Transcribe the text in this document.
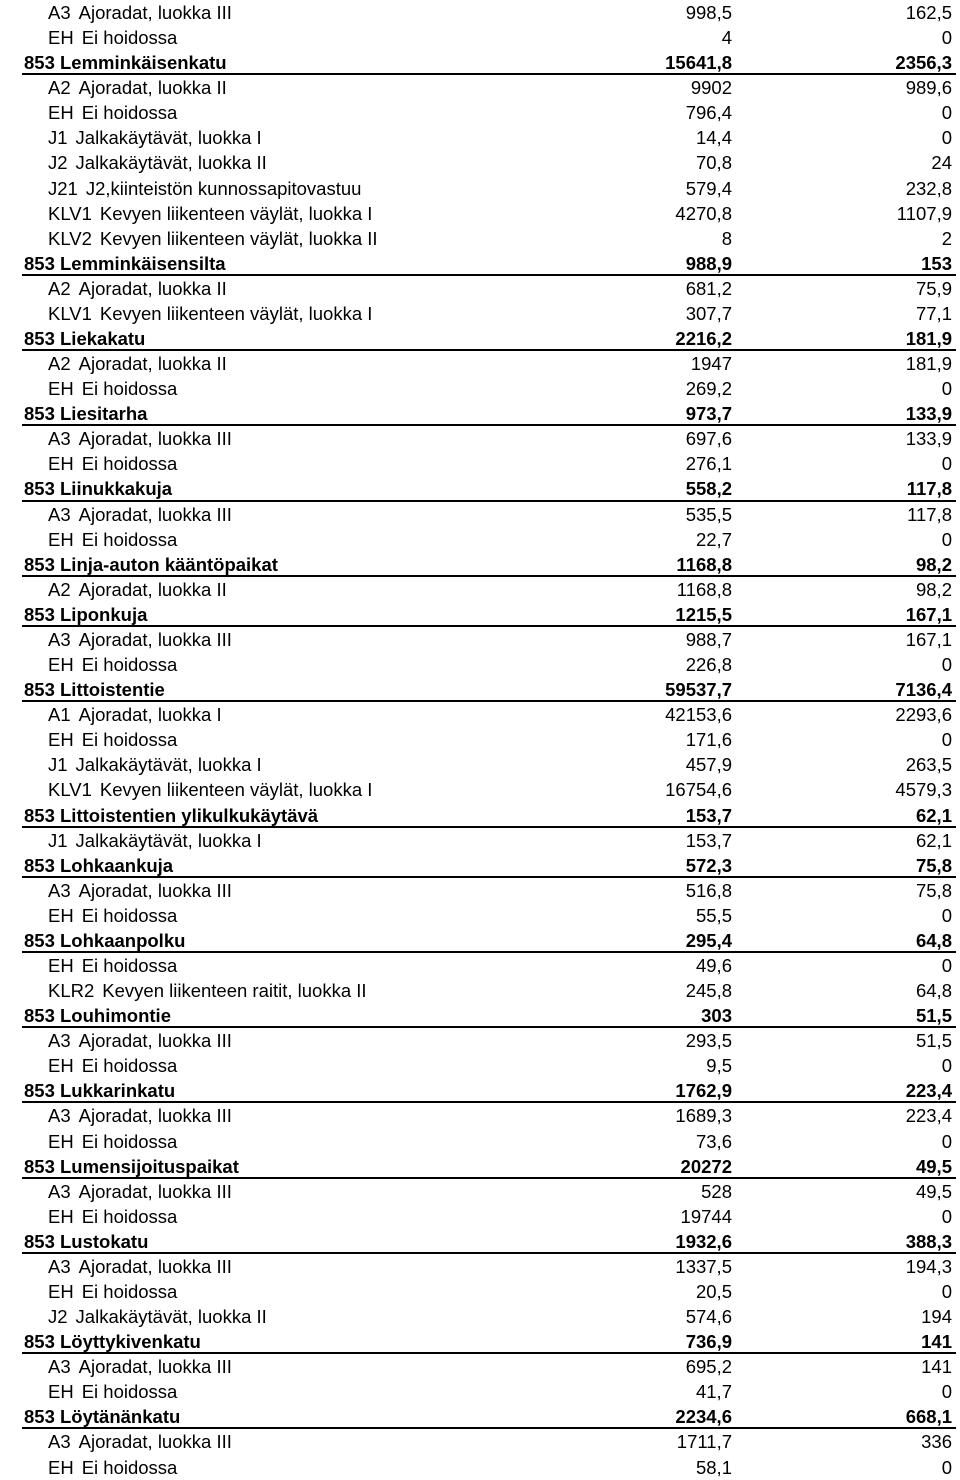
A3 Ajoradat, luokka III	998,5	162,5
EH Ei hoidossa	4	0
853 Lemminkäisenkatu	15641,8	2356,3
A2 Ajoradat, luokka II	9902	989,6
EH Ei hoidossa	796,4	0
J1 Jalkakäytävät, luokka I	14,4	0
J2 Jalkakäytävät, luokka II	70,8	24
J21 J2,kiinteistön kunnossapitovastuu	579,4	232,8
KLV1 Kevyen liikenteen väylät, luokka I	4270,8	1107,9
KLV2 Kevyen liikenteen väylät, luokka II	8	2
853 Lemminkäisensilta	988,9	153
A2 Ajoradat, luokka II	681,2	75,9
KLV1 Kevyen liikenteen väylät, luokka I	307,7	77,1
853 Liekakatu	2216,2	181,9
A2 Ajoradat, luokka II	1947	181,9
EH Ei hoidossa	269,2	0
853 Liesitarha	973,7	133,9
A3 Ajoradat, luokka III	697,6	133,9
EH Ei hoidossa	276,1	0
853 Liinukkakuja	558,2	117,8
A3 Ajoradat, luokka III	535,5	117,8
EH Ei hoidossa	22,7	0
853 Linja-auton kääntöpaikat	1168,8	98,2
A2 Ajoradat, luokka II	1168,8	98,2
853 Liponkuja	1215,5	167,1
A3 Ajoradat, luokka III	988,7	167,1
EH Ei hoidossa	226,8	0
853 Littoistentie	59537,7	7136,4
A1 Ajoradat, luokka I	42153,6	2293,6
EH Ei hoidossa	171,6	0
J1 Jalkakäytävät, luokka I	457,9	263,5
KLV1 Kevyen liikenteen väylät, luokka I	16754,6	4579,3
853 Littoistentien ylikulkukäytävä	153,7	62,1
J1 Jalkakäytävät, luokka I	153,7	62,1
853 Lohkaankuja	572,3	75,8
A3 Ajoradat, luokka III	516,8	75,8
EH Ei hoidossa	55,5	0
853 Lohkaanpolku	295,4	64,8
EH Ei hoidossa	49,6	0
KLR2 Kevyen liikenteen raitit, luokka II	245,8	64,8
853 Louhimontie	303	51,5
A3 Ajoradat, luokka III	293,5	51,5
EH Ei hoidossa	9,5	0
853 Lukkarinkatu	1762,9	223,4
A3 Ajoradat, luokka III	1689,3	223,4
EH Ei hoidossa	73,6	0
853 Lumensijoituspaikat	20272	49,5
A3 Ajoradat, luokka III	528	49,5
EH Ei hoidossa	19744	0
853 Lustokatu	1932,6	388,3
A3 Ajoradat, luokka III	1337,5	194,3
EH Ei hoidossa	20,5	0
J2 Jalkakäytävät, luokka II	574,6	194
853 Löyttykivenkatu	736,9	141
A3 Ajoradat, luokka III	695,2	141
EH Ei hoidossa	41,7	0
853 Löytänänkatu	2234,6	668,1
A3 Ajoradat, luokka III	1711,7	336
EH Ei hoidossa	58,1	0
